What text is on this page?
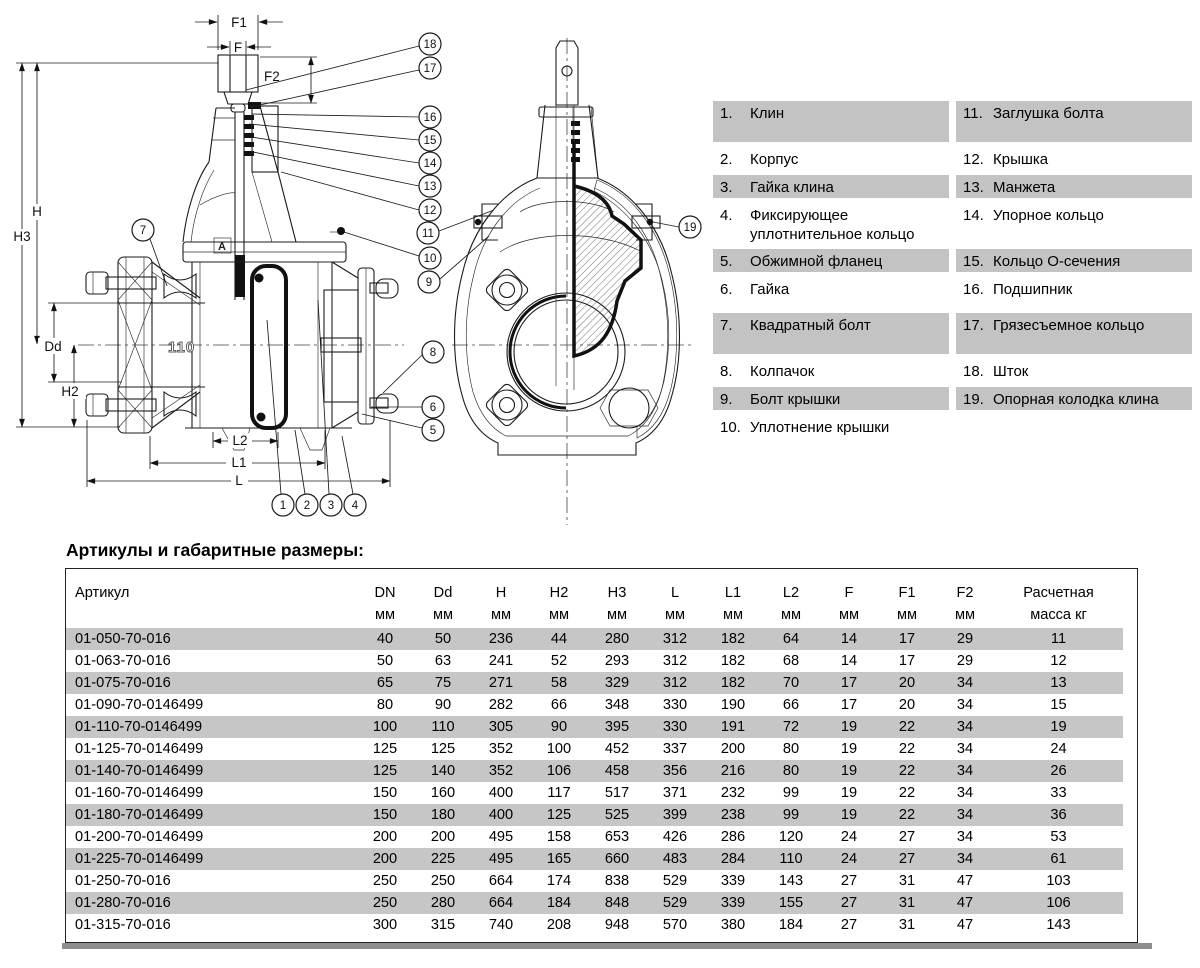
A
110
F1
F
F2
H
H3
Dd
H2
L2
L1
L
18
17
16
15
14
13
12
11
10
9
8
6
5
7	19
1 2 3 4
1.	Клин
2.	Корпус
3.	Гайка клина
4.	Фиксирующее уплотнительное кольцо
5.	Обжимной фланец
6.	Гайка
7.	Квадратный болт
8.	Колпачок
9.	Болт крышки
10. Уплотнение крышки
11. Заглушка болта
12. Крышка
13. Манжета
14. Упорное кольцо
15. Кольцо О-сечения
16. Подшипник
17. Грязесъемное кольцо
18. Шток
19. Опорная колодка клина
Артикулы и габаритные размеры:
Артикул	DN	Dd	H	H2	H3	L	L1	L2	F	F1	F2	Расчетная	
	мм	мм	мм	мм	мм	мм	мм	мм	мм	мм	мм	масса кг	
01-050-70-016	40	50	236	44	280	312	182	64	14	17	29	11	
01-063-70-016	50	63	241	52	293	312	182	68	14	17	29	12	
01-075-70-016	65	75	271	58	329	312	182	70	17	20	34	13	
01-090-70-0146499	80	90	282	66	348	330	190	66	17	20	34	15	
01-110-70-0146499	100	110	305	90	395	330	191	72	19	22	34	19	
01-125-70-0146499	125	125	352	100	452	337	200	80	19	22	34	24	
01-140-70-0146499	125	140	352	106	458	356	216	80	19	22	34	26	
01-160-70-0146499	150	160	400	117	517	371	232	99	19	22	34	33	
01-180-70-0146499	150	180	400	125	525	399	238	99	19	22	34	36	
01-200-70-0146499	200	200	495	158	653	426	286	120	24	27	34	53	
01-225-70-0146499	200	225	495	165	660	483	284	110	24	27	34	61	
01-250-70-016	250	250	664	174	838	529	339	143	27	31	47	103	
01-280-70-016	250	280	664	184	848	529	339	155	27	31	47	106	
01-315-70-016	300	315	740	208	948	570	380	184	27	31	47	143	
